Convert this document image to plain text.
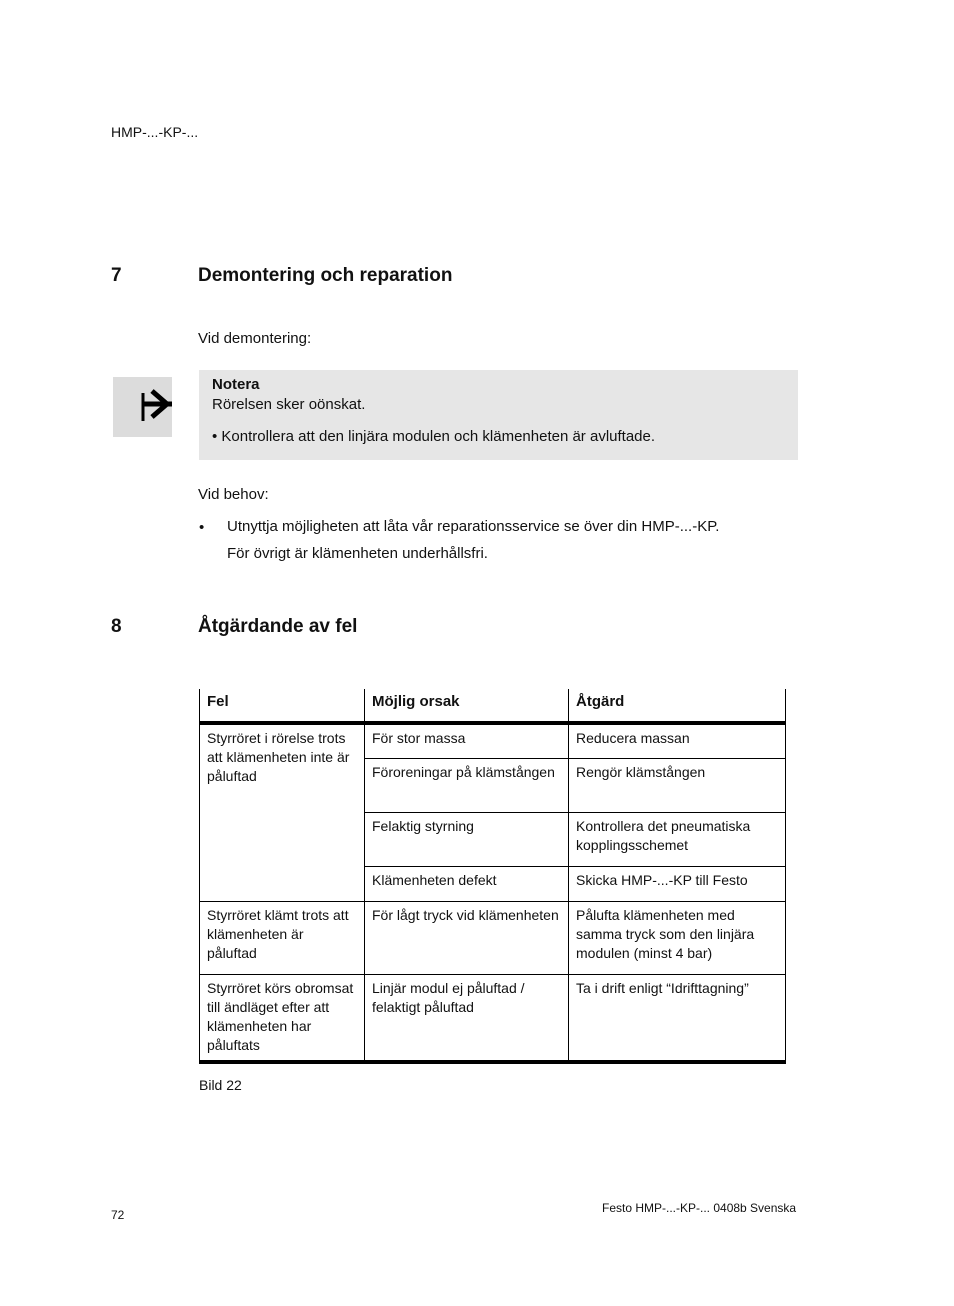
HMP-...-KP-...
7	Demontering och reparation
Vid demontering:
Notera
Rörelsen sker oönskat.
• Kontrollera att den linjära modulen och klämenheten är avluftade.
Vid behov:
• Utnyttja möjligheten att låta vår reparationsservice se över din HMP-...-KP.
För övrigt är klämenheten underhållsfri.
8	Åtgärdande av fel
Fel	Möjlig orsak	Åtgärd
Styrröret i rörelse trots att klämenheten inte är påluftad	För stor massa	Reducera massan
	Föroreningar på klämstången	Rengör klämstången
	Felaktig styrning	Kontrollera det pneumatiska kopplingsschemet
	Klämenheten defekt	Skicka HMP-...-KP till Festo
Styrröret klämt trots att klämenheten är påluftad	För lågt tryck vid klämenheten	Pålufta klämenheten med samma tryck som den linjära modulen (minst 4 bar)
Styrröret körs obromsat till ändläget efter att klämenheten har påluftats	Linjär modul ej påluftad / felaktigt påluftad	Ta i drift enligt “Idrifttagning”
Bild 22
72	Festo HMP-...-KP-... 0408b Svenska
